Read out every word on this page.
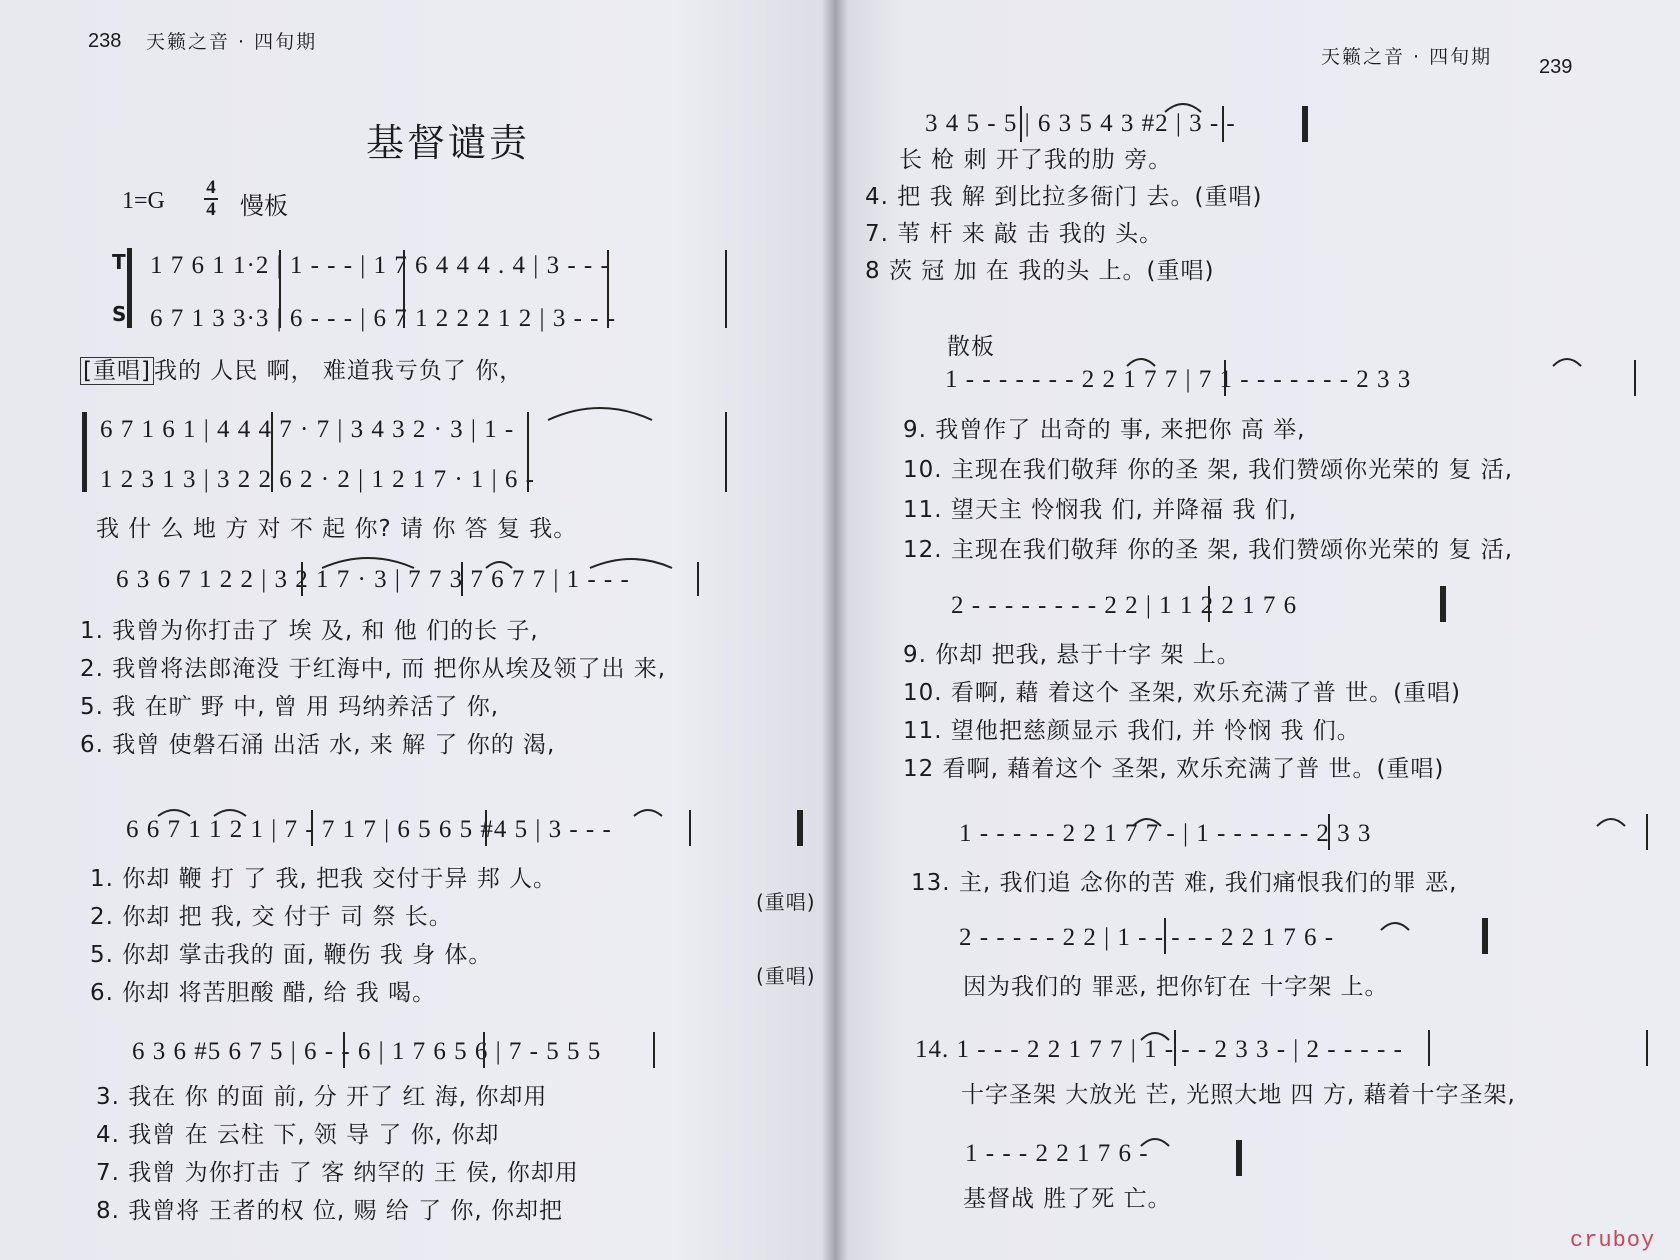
238 天籁之音 · 四旬期
基督谴责
1=G
4
4 慢板
T
S
1 7 6 1 1·2 | 1 - - - | 1 7 6 4 4 4 . 4 | 3 - - -
6 7 1 3 3·3 | 6 - - - | 6 7 1 2 2 2 1 2 | 3 - - -
[重唱] 我的 人民 啊， 难道我亏负了 你，
6 7 1 6 1 | 4 4 4 7 · 7 | 3 4 3 2 · 3 | 1 -
1 2 3 1 3 | 3 2 2 6 2 · 2 | 1 2 1 7 · 1 | 6 -
我 什 么 地 方 对 不 起 你? 请 你 答 复 我。
6 3 6 7 1 2 2 | 3 2 1 7 · 3 | 7 7 3 7 6 7 7 | 1 - - -
1. 我曾为你打击了 埃 及, 和 他 们的长 子,
2. 我曾将法郎淹没 于红海中, 而 把你从埃及领了出 来,
5. 我 在旷 野 中, 曾 用 玛纳养活了 你,
6. 我曾 使磐石涌 出活 水, 来 解 了 你的 渴,
6 6 7 1 1 2 1 | 7 - 7 1 7 | 6 5 6 5 #4 5 | 3 - - -
1. 你却 鞭 打 了 我, 把我 交付于异 邦 人。
2. 你却 把 我, 交 付于 司 祭 长。
5. 你却 掌击我的 面, 鞭伤 我 身 体。
6. 你却 将苦胆酸 醋, 给 我 喝。
(重唱)
(重唱)
6 3 6 #5 6 7 5 | 6 - - 6 | 1 7 6 5 6 | 7 - 5 5 5
3. 我在 你 的面 前, 分 开了 红 海, 你却用
4. 我曾 在 云柱 下, 领 导 了 你, 你却
7. 我曾 为你打击 了 客 纳罕的 王 侯, 你却用
8. 我曾将 王者的权 位, 赐 给 了 你, 你却把
天籁之音 · 四旬期 239
3 4 5 - 5 | 6 3 5 4 3 #2 | 3 - -
长 枪 刺 开了我的肋 旁。
4. 把 我 解 到比拉多衙门 去。(重唱)
7. 苇 杆 来 敲 击 我的 头。
8 茨 冠 加 在 我的头 上。(重唱)
散板
1 - - - - - - - 2 2 1 7 7 | 7 1 - - - - - - - 2 3 3
9. 我曾作了 出奇的 事, 来把你 高 举,
10. 主现在我们敬拜 你的圣 架, 我们赞颂你光荣的 复 活,
11. 望天主 怜悯我 们, 并降福 我 们,
12. 主现在我们敬拜 你的圣 架, 我们赞颂你光荣的 复 活,
2 - - - - - - - - 2 2 | 1 1 2 2 1 7 6
9. 你却 把我, 悬于十字 架 上。
10. 看啊, 藉 着这个 圣架, 欢乐充满了普 世。(重唱)
11. 望他把慈颜显示 我们, 并 怜悯 我 们。
12 看啊, 藉着这个 圣架, 欢乐充满了普 世。(重唱)
1 - - - - - 2 2 1 7 7 - | 1 - - - - - - 2 3 3
13. 主, 我们追 念你的苦 难, 我们痛恨我们的罪 恶,
2 - - - - - 2 2 | 1 - - - - - 2 2 1 7 6 -
因为我们的 罪恶, 把你钉在 十字架 上。
14. 1 - - - 2 2 1 7 7 | 1 - - - 2 3 3 - | 2 - - - - -
十字圣架 大放光 芒, 光照大地 四 方, 藉着十字圣架,
1 - - - 2 2 1 7 6 -
基督战 胜了死 亡。
cruboy
